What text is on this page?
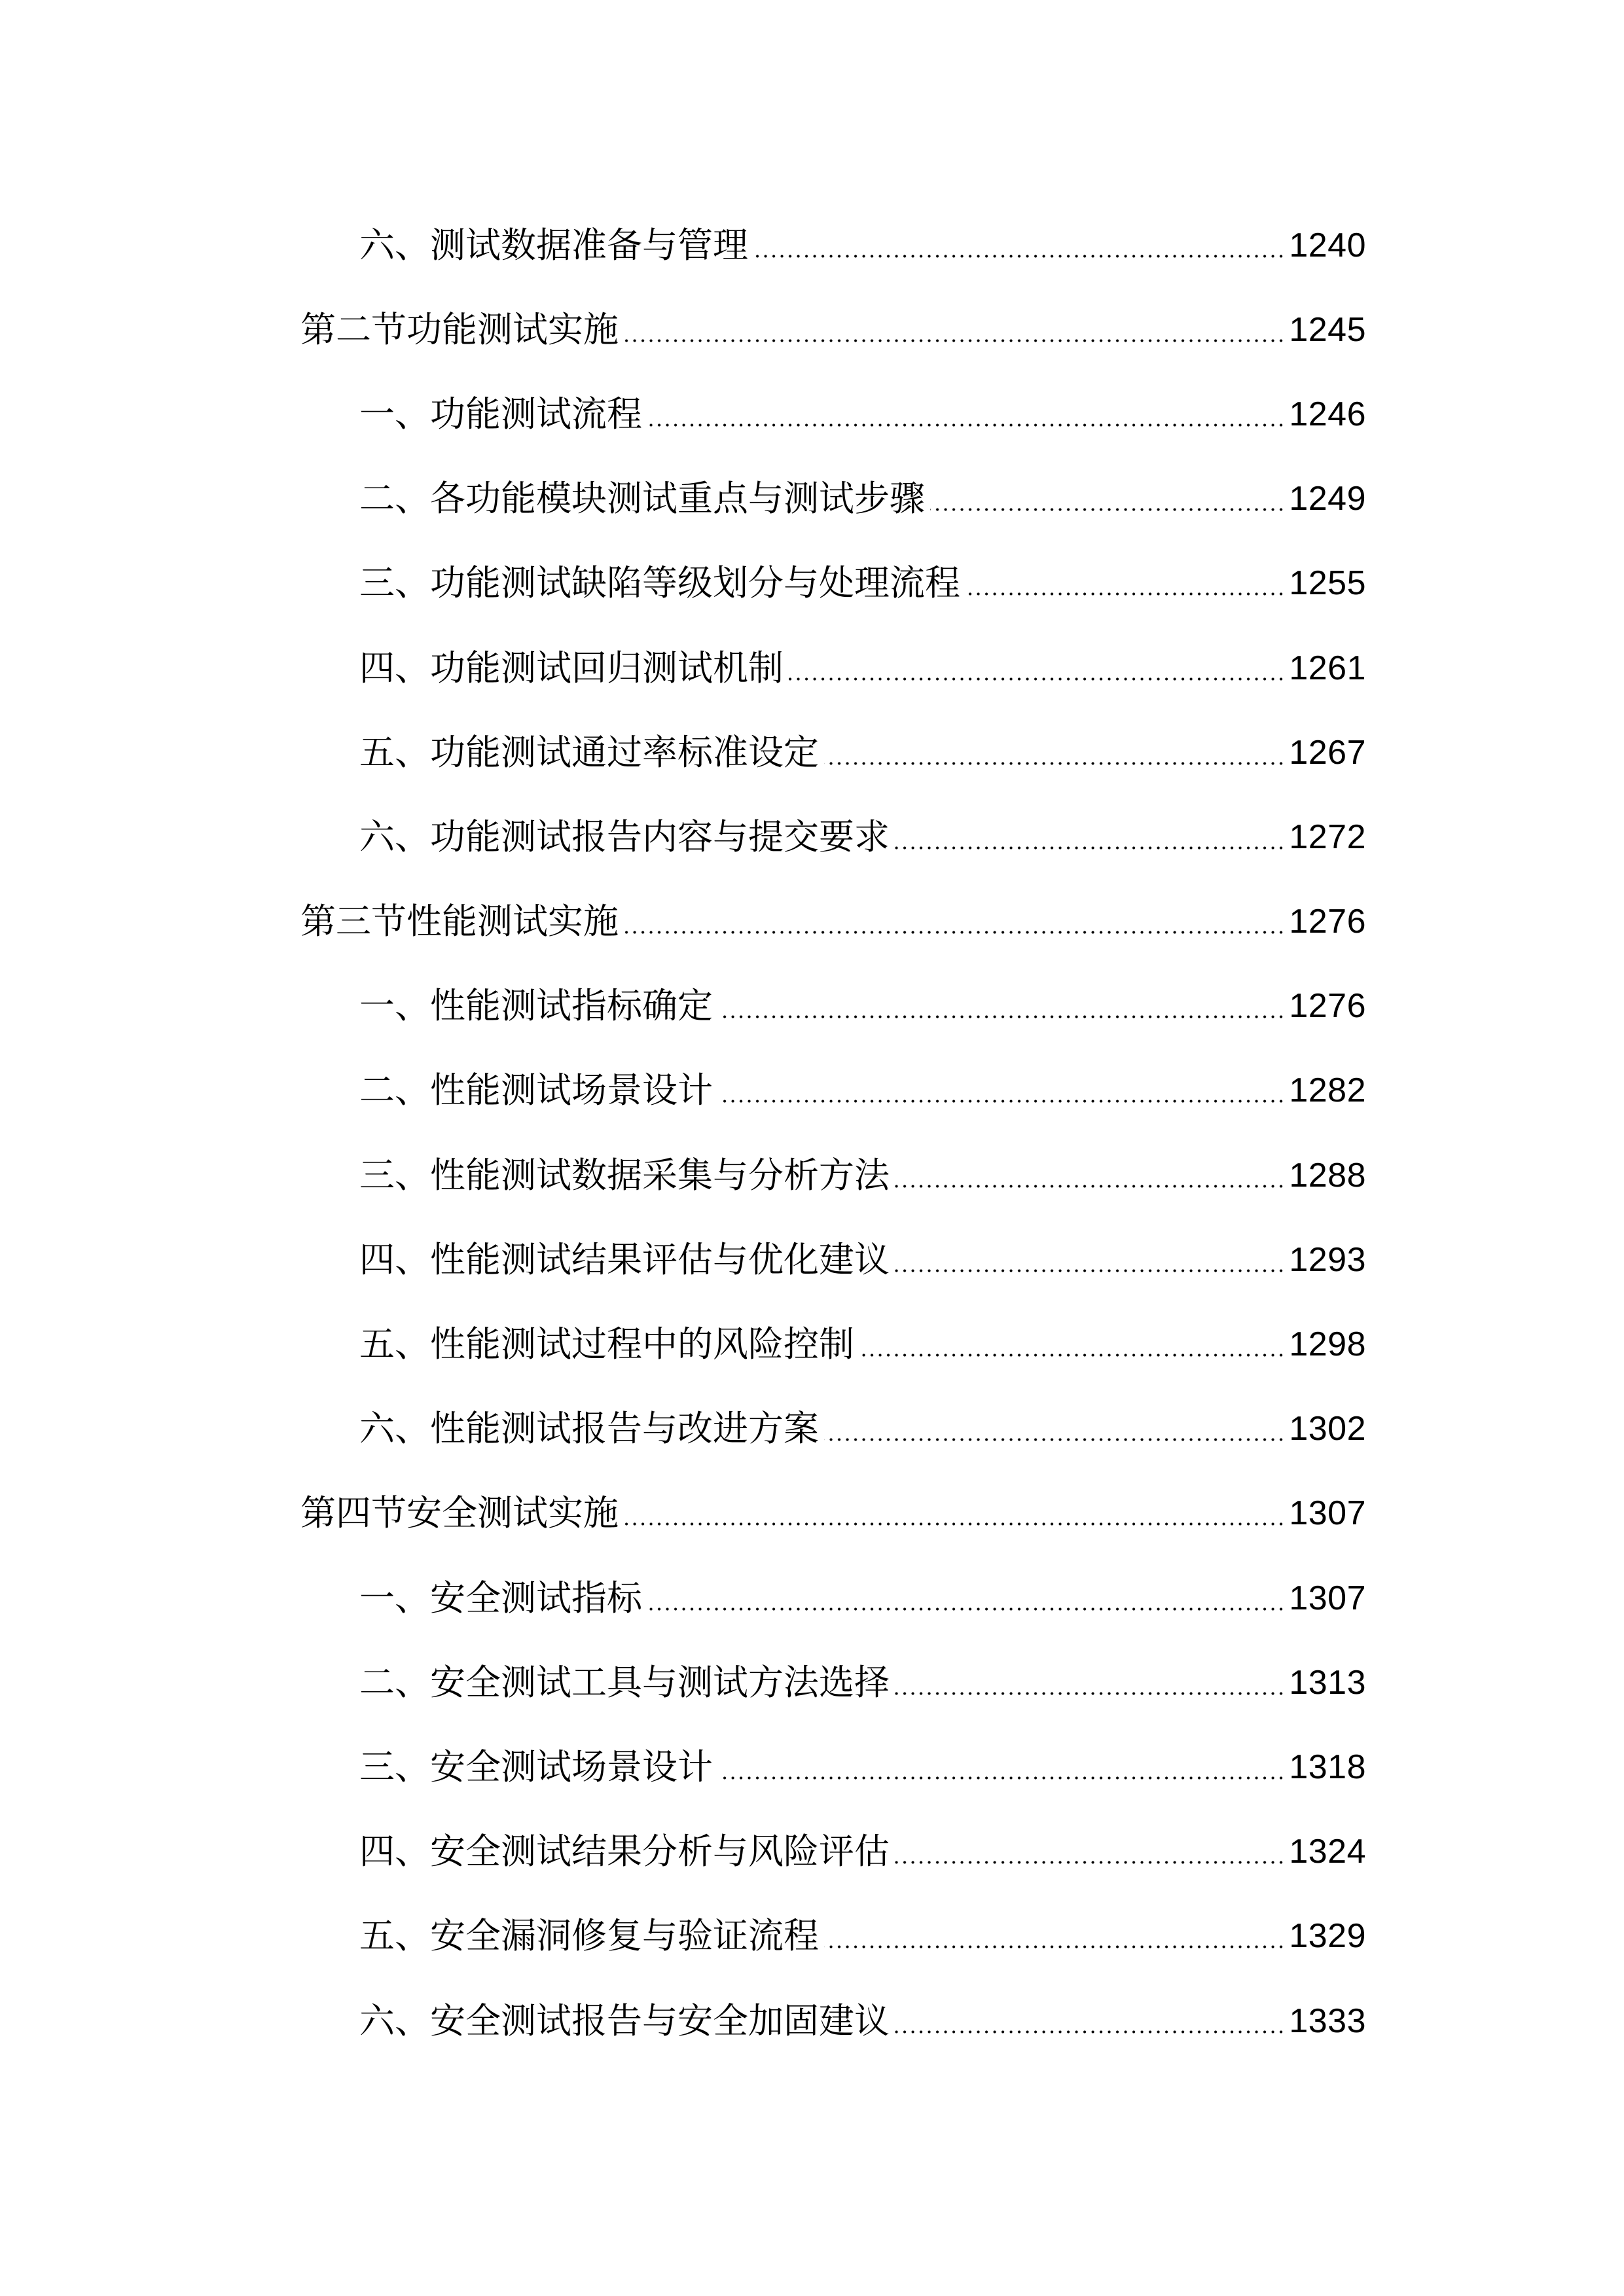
六、测试数据准备与管理	1240
第二节功能测试实施	1245
一、功能测试流程	1246
二、各功能模块测试重点与测试步骤	1249
三、功能测试缺陷等级划分与处理流程	1255
四、功能测试回归测试机制	1261
五、功能测试通过率标准设定	1267
六、功能测试报告内容与提交要求	1272
第三节性能测试实施	1276
一、性能测试指标确定	1276
二、性能测试场景设计	1282
三、性能测试数据采集与分析方法	1288
四、性能测试结果评估与优化建议	1293
五、性能测试过程中的风险控制	1298
六、性能测试报告与改进方案	1302
第四节安全测试实施	1307
一、安全测试指标	1307
二、安全测试工具与测试方法选择	1313
三、安全测试场景设计	1318
四、安全测试结果分析与风险评估	1324
五、安全漏洞修复与验证流程	1329
六、安全测试报告与安全加固建议	1333
